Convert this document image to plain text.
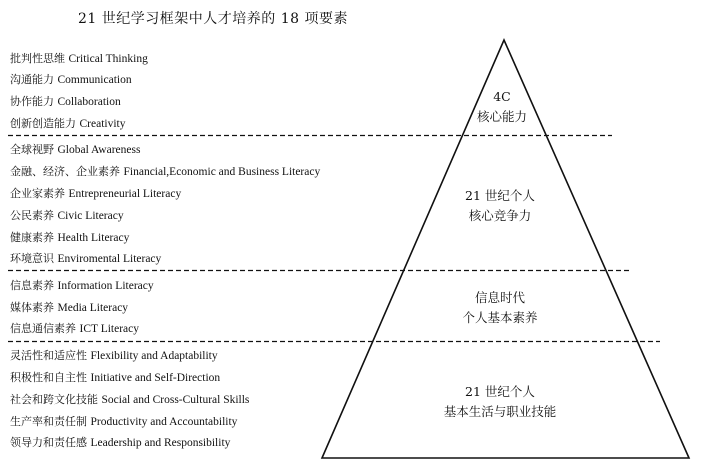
21 世纪学习框架中人才培养的 18 项要素
批判性思维 Critical Thinking
沟通能力 Communication
协作能力 Collaboration
创新创造能力 Creativity
全球视野 Global Awareness
金融、经济、企业素养 Financial,Economic and Business Literacy
企业家素养 Entrepreneurial Literacy
公民素养 Civic Literacy
健康素养 Health Literacy
环境意识 Enviromental Literacy
信息素养 Information Literacy
媒体素养 Media Literacy
信息通信素养 ICT Literacy
灵活性和适应性 Flexibility and Adaptability
积极性和自主性 Initiative and Self-Direction
社会和跨文化技能 Social and Cross-Cultural Skills
生产率和责任制 Productivity and Accountability
领导力和责任感 Leadership and Responsibility
4C
核心能力
21 世纪个人
核心竞争力
信息时代
个人基本素养
21 世纪个人
基本生活与职业技能
